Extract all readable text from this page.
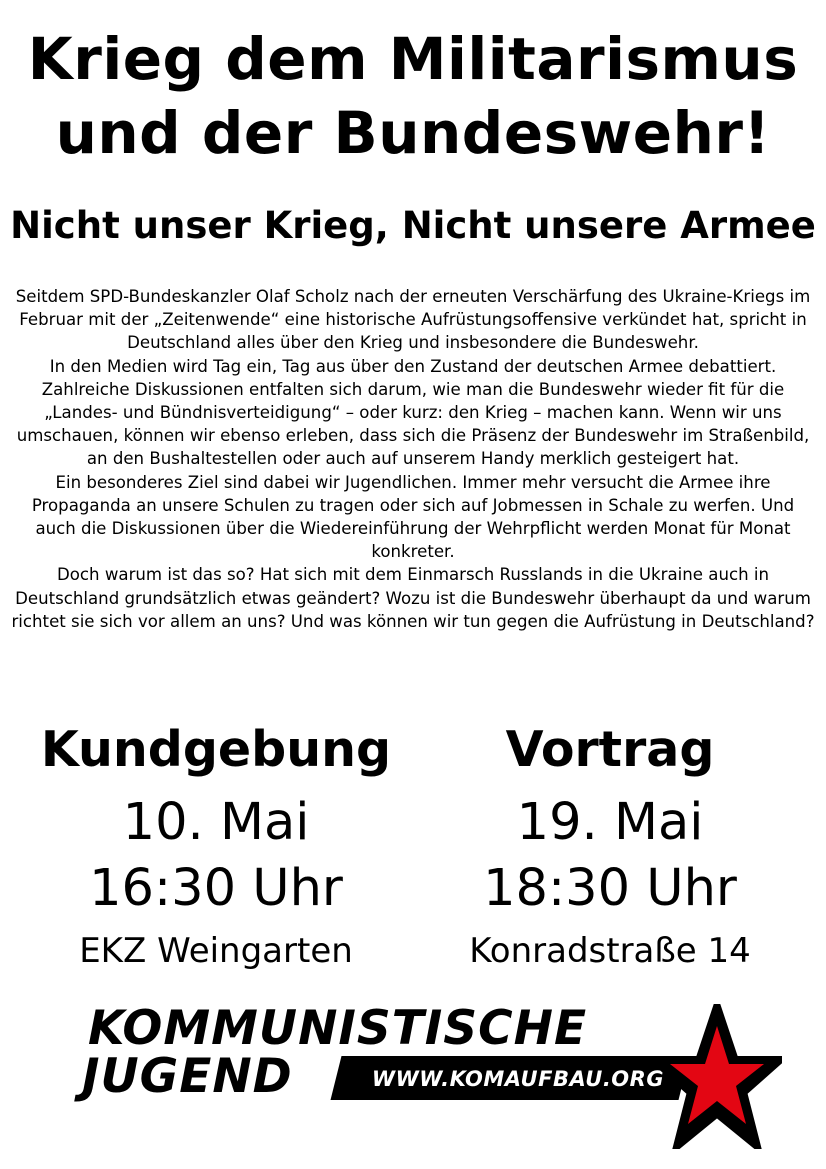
Krieg dem Militarismus
und der Bundeswehr!
Nicht unser Krieg, Nicht unsere Armee

Seitdem SPD-Bundeskanzler Olaf Scholz nach der erneuten Verschärfung des Ukraine-Kriegs im Februar mit der „Zeitenwende“ eine historische Aufrüstungsoffensive verkündet hat, spricht in Deutschland alles über den Krieg und insbesondere die Bundeswehr.

In den Medien wird Tag ein, Tag aus über den Zustand der deutschen Armee debattiert. Zahlreiche Diskussionen entfalten sich darum, wie man die Bundeswehr wieder fit für die „Landes- und Bündnisverteidigung“ – oder kurz: den Krieg – machen kann. Wenn wir uns umschauen, können wir ebenso erleben, dass sich die Präsenz der Bundeswehr im Straßenbild, an den Bushaltestellen oder auch auf unserem Handy merklich gesteigert hat.

Ein besonderes Ziel sind dabei wir Jugendlichen. Immer mehr versucht die Armee ihre Propaganda an unsere Schulen zu tragen oder sich auf Jobmessen in Schale zu werfen. Und auch die Diskussionen über die Wiedereinführung der Wehrpflicht werden Monat für Monat konkreter.

Doch warum ist das so? Hat sich mit dem Einmarsch Russlands in die Ukraine auch in Deutschland grundsätzlich etwas geändert? Wozu ist die Bundeswehr überhaupt da und warum richtet sie sich vor allem an uns? Und was können wir tun gegen die Aufrüstung in Deutschland?

Kundgebung
10. Mai
16:30 Uhr
EKZ Weingarten
Vortrag
19. Mai
18:30 Uhr
Konradstraße 14
KOMMUNISTISCHE
JUGEND	WWW.KOMAUFBAU.ORG
